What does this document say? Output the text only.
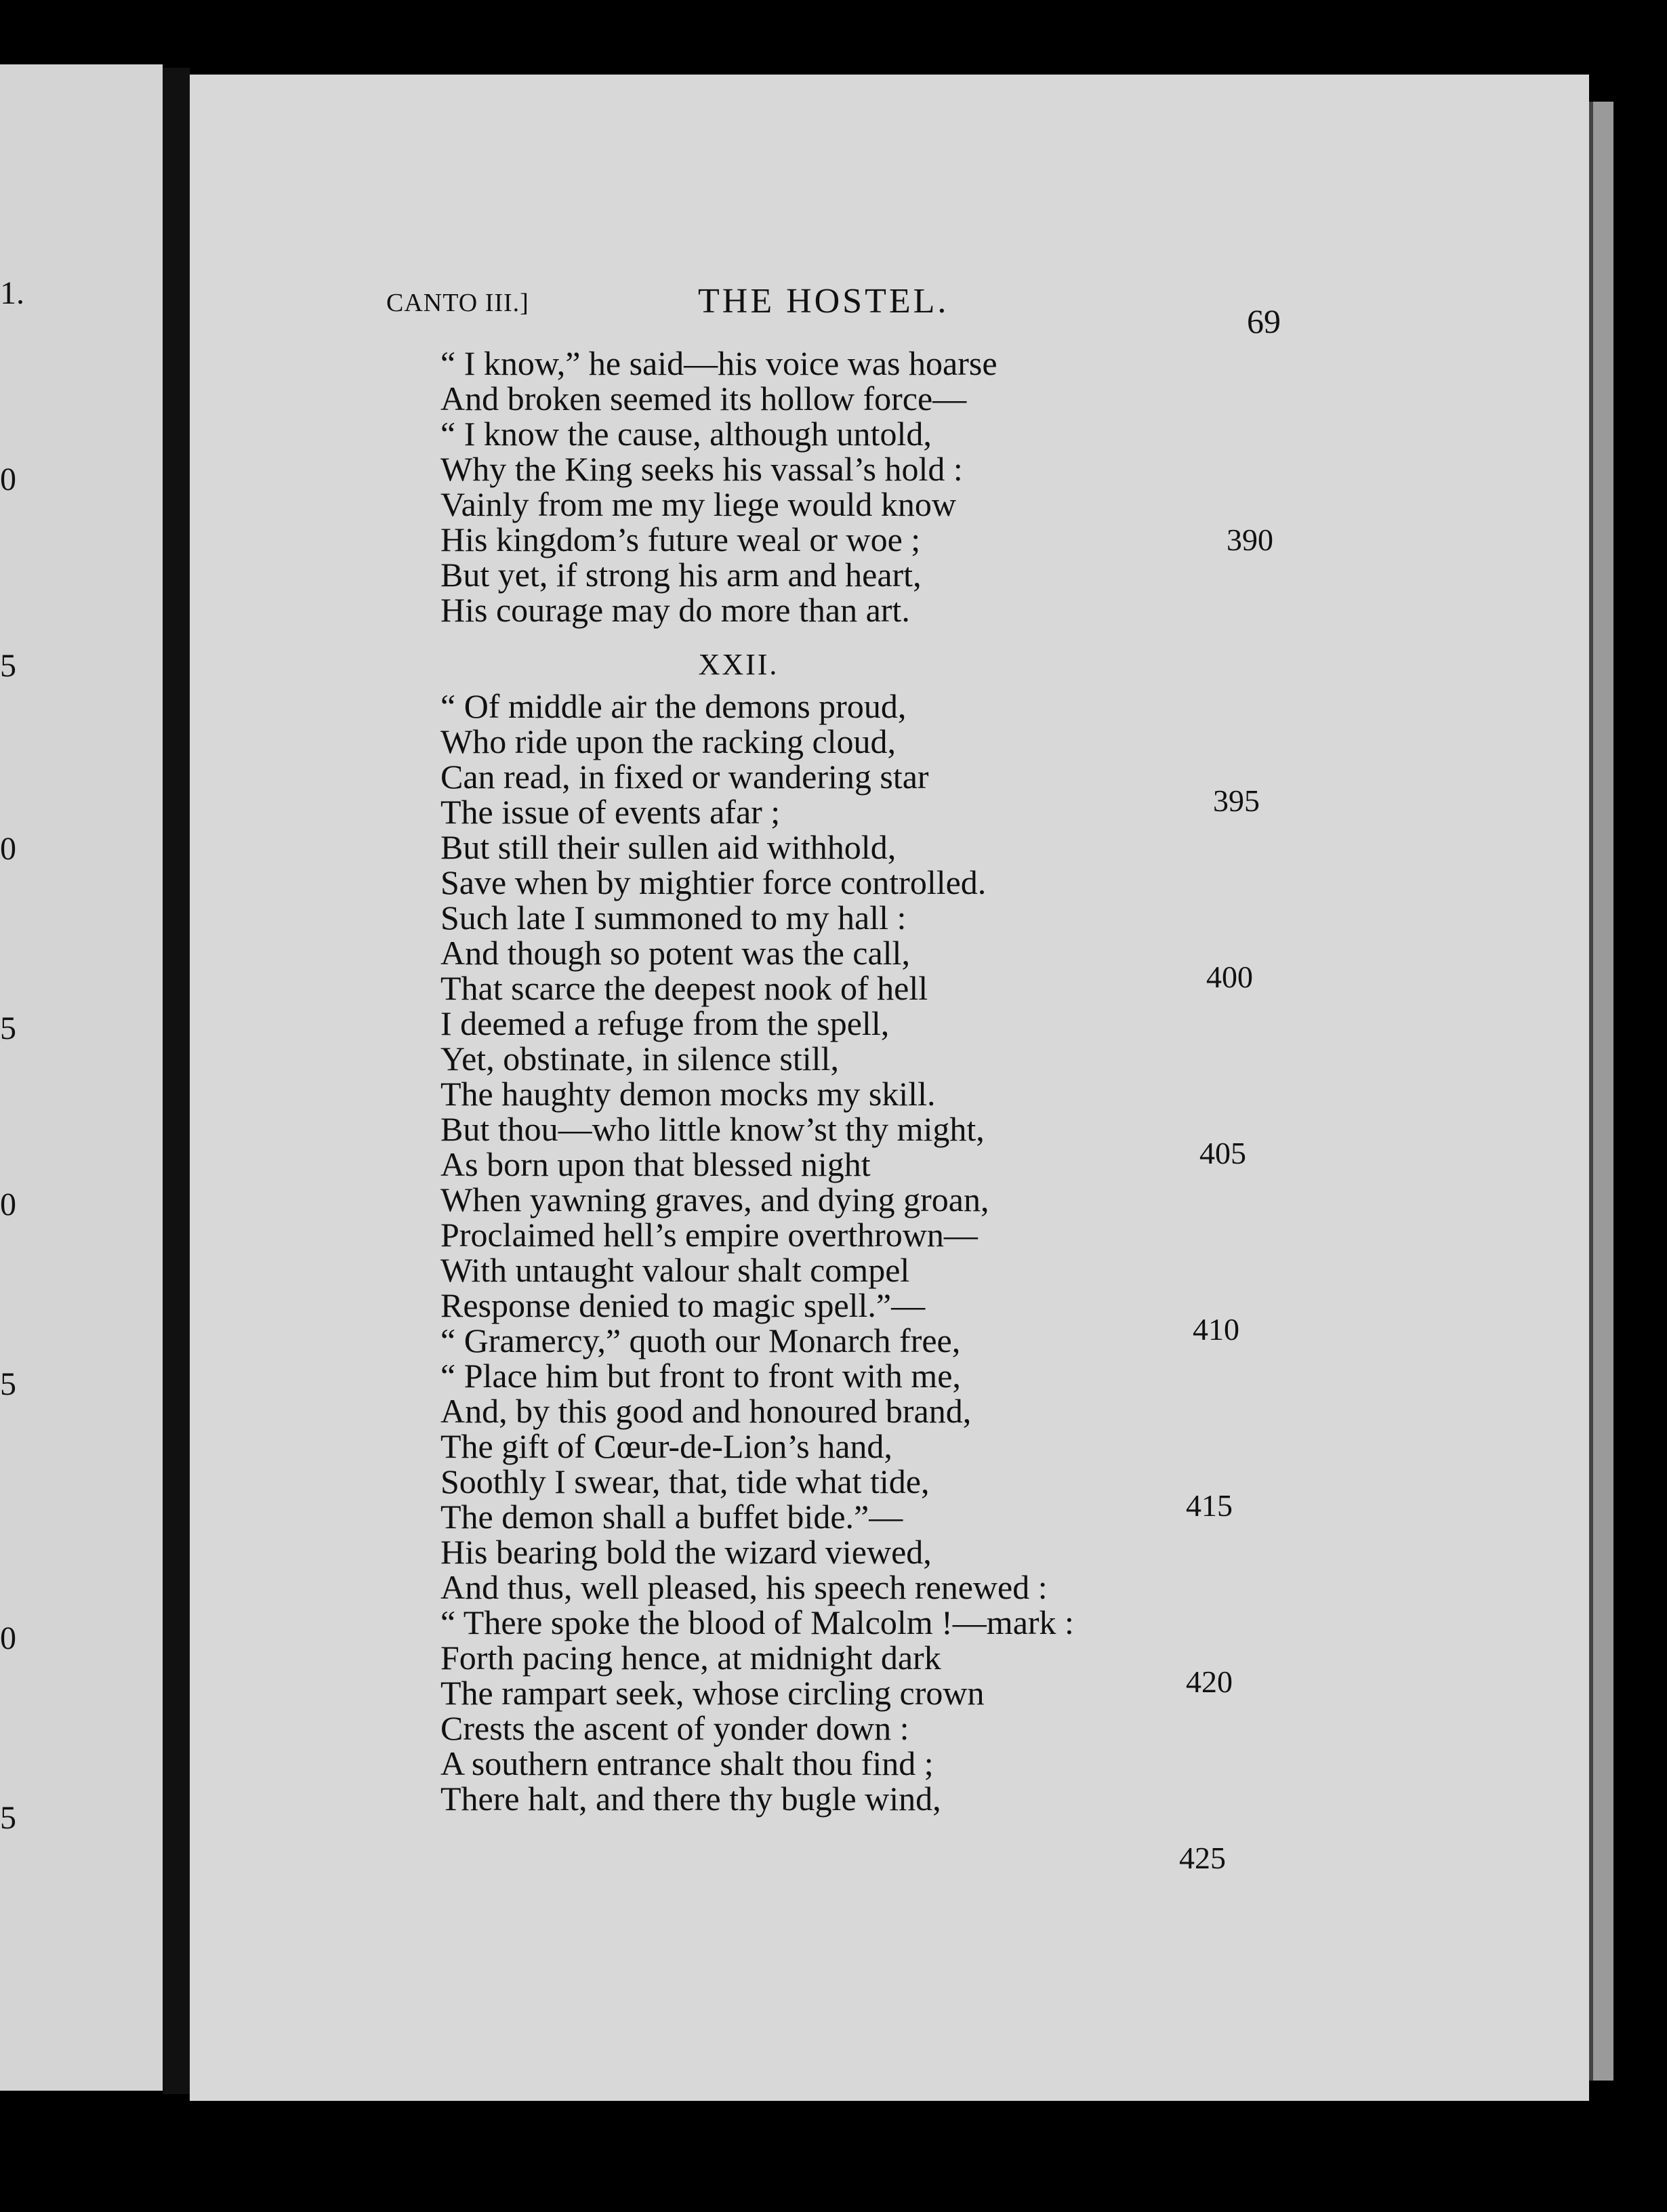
1.
0
5
0
5
0
5
0
5
CANTO III.]	THE HOSTEL.
69
“ I know,” he said—his voice was hoarse
And broken seemed its hollow force—
“ I know the cause, although untold,
Why the King seeks his vassal’s hold :
Vainly from me my liege would know
His kingdom’s future weal or woe ;
But yet, if strong his arm and heart,
His courage may do more than art.
XXII.
“ Of middle air the demons proud,
Who ride upon the racking cloud,
Can read, in fixed or wandering star
The issue of events afar ;
But still their sullen aid withhold,
Save when by mightier force controlled.
Such late I summoned to my hall :
And though so potent was the call,
That scarce the deepest nook of hell
I deemed a refuge from the spell,
Yet, obstinate, in silence still,
The haughty demon mocks my skill.
But thou—who little know’st thy might,
As born upon that blessed night
When yawning graves, and dying groan,
Proclaimed hell’s empire overthrown—
With untaught valour shalt compel
Response denied to magic spell.”—
“ Gramercy,” quoth our Monarch free,
“ Place him but front to front with me,
And, by this good and honoured brand,
The gift of Cœur-de-Lion’s hand,
Soothly I swear, that, tide what tide,
The demon shall a buffet bide.”—
His bearing bold the wizard viewed,
And thus, well pleased, his speech renewed :
“ There spoke the blood of Malcolm !—mark :
Forth pacing hence, at midnight dark
The rampart seek, whose circling crown
Crests the ascent of yonder down :
A southern entrance shalt thou find ;
There halt, and there thy bugle wind,
390
395
400
405
410
415
420
425
